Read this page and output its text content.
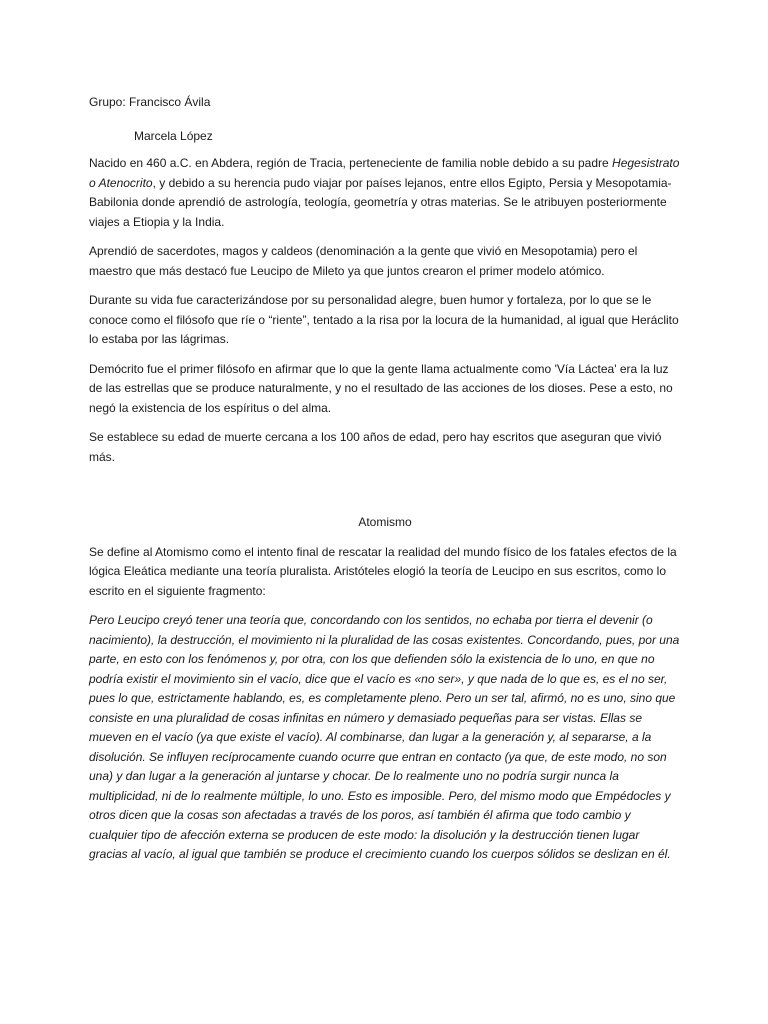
Grupo: Francisco Ávila
Marcela López

Nacido en 460 a.C. en Abdera, región de Tracia, perteneciente de familia noble debido a su padre Hegesistrato o Atenocrito, y debido a su herencia pudo viajar por países lejanos, entre ellos Egipto, Persia y Mesopotamia-Babilonia donde aprendió de astrología, teología, geometría y otras materias. Se le atribuyen posteriormente viajes a Etiopia y la India.

Aprendió de sacerdotes, magos y caldeos (denominación a la gente que vivió en Mesopotamia) pero el maestro que más destacó fue Leucipo de Mileto ya que juntos crearon el primer modelo atómico.

Durante su vida fue caracterizándose por su personalidad alegre, buen humor y fortaleza, por lo que se le conoce como el filósofo que ríe o “riente”, tentado a la risa por la locura de la humanidad, al igual que Heráclito lo estaba por las lágrimas.

Demócrito fue el primer filósofo en afirmar que lo que la gente llama actualmente como 'Vía Láctea' era la luz de las estrellas que se produce naturalmente, y no el resultado de las acciones de los dioses. Pese a esto, no negó la existencia de los espíritus o del alma.

Se establece su edad de muerte cercana a los 100 años de edad, pero hay escritos que aseguran que vivió más.

Atomismo

Se define al Atomismo como el intento final de rescatar la realidad del mundo físico de los fatales efectos de la lógica Eleática mediante una teoría pluralista. Aristóteles elogió la teoría de Leucipo en sus escritos, como lo escrito en el siguiente fragmento:

Pero Leucipo creyó tener una teoría que, concordando con los sentidos, no echaba por tierra el devenir (o nacimiento), la destrucción, el movimiento ni la pluralidad de las cosas existentes. Concordando, pues, por una parte, en esto con los fenómenos y, por otra, con los que defienden sólo la existencia de lo uno, en que no podría existir el movimiento sin el vacío, dice que el vacío es «no ser», y que nada de lo que es, es el no ser, pues lo que, estrictamente hablando, es, es completamente pleno. Pero un ser tal, afirmó, no es uno, sino que consiste en una pluralidad de cosas infinitas en número y demasiado pequeñas para ser vistas. Ellas se mueven en el vacío (ya que existe el vacío). Al combinarse, dan lugar a la generación y, al separarse, a la disolución. Se influyen recíprocamente cuando ocurre que entran en contacto (ya que, de este modo, no son una) y dan lugar a la generación al juntarse y chocar. De lo realmente uno no podría surgir nunca la multiplicidad, ni de lo realmente múltiple, lo uno. Esto es imposible. Pero, del mismo modo que Empédocles y otros dicen que la cosas son afectadas a través de los poros, así también él afirma que todo cambio y cualquier tipo de afección externa se producen de este modo: la disolución y la destrucción tienen lugar gracias al vacío, al igual que también se produce el crecimiento cuando los cuerpos sólidos se deslizan en él.
